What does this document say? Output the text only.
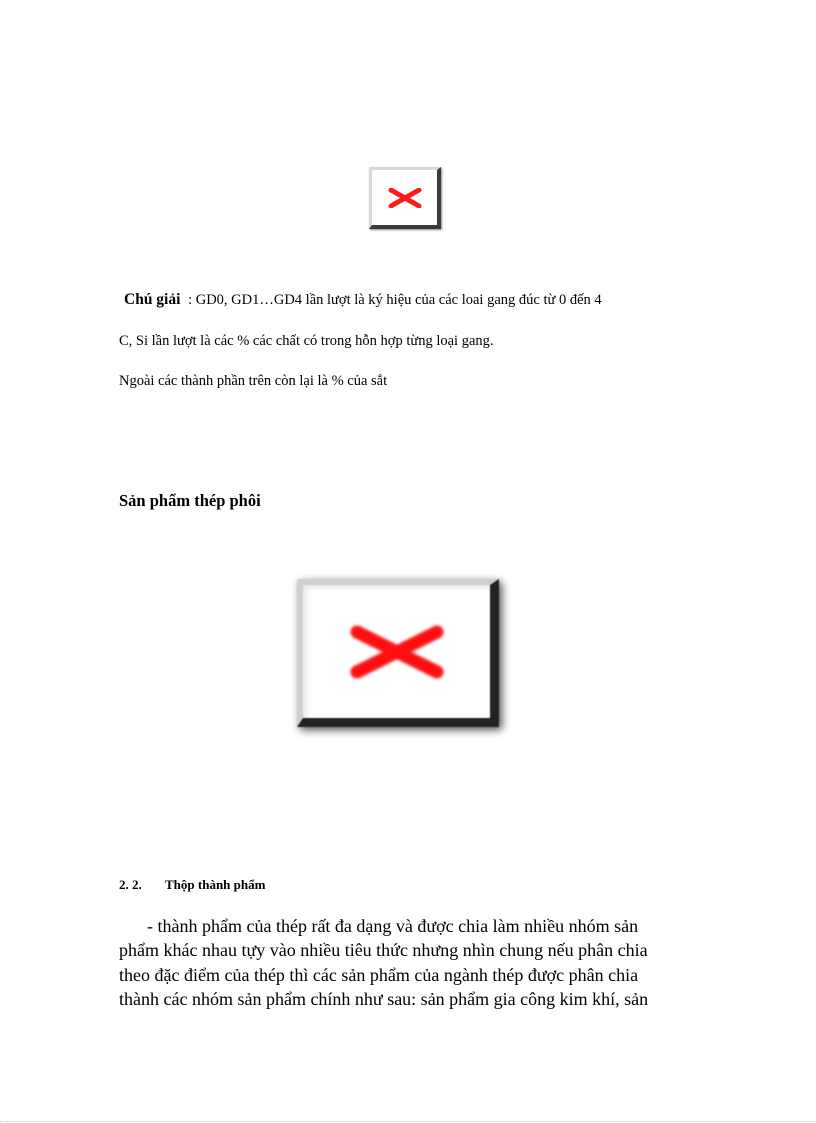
Chú giải : GD0, GD1…GD4 lần lượt là ký hiệu của các loai gang đúc từ 0 đến 4
C, Si lần lượt là các % các chất có trong hỗn hợp từng loại gang.
Ngoài các thành phần trên còn lại là % của sắt
Sản phẩm thép phôi
2. 2.	Thộp thành phẩm
- thành phẩm của thép rất đa dạng và được chia làm nhiều nhóm sản
phẩm khác nhau tựy vào nhiều tiêu thức nhưng nhìn chung nếu phân chia
theo đặc điểm của thép thì các sản phẩm của ngành thép được phân chia
thành các nhóm sản phẩm chính như sau: sản phẩm gia công kim khí, sản
